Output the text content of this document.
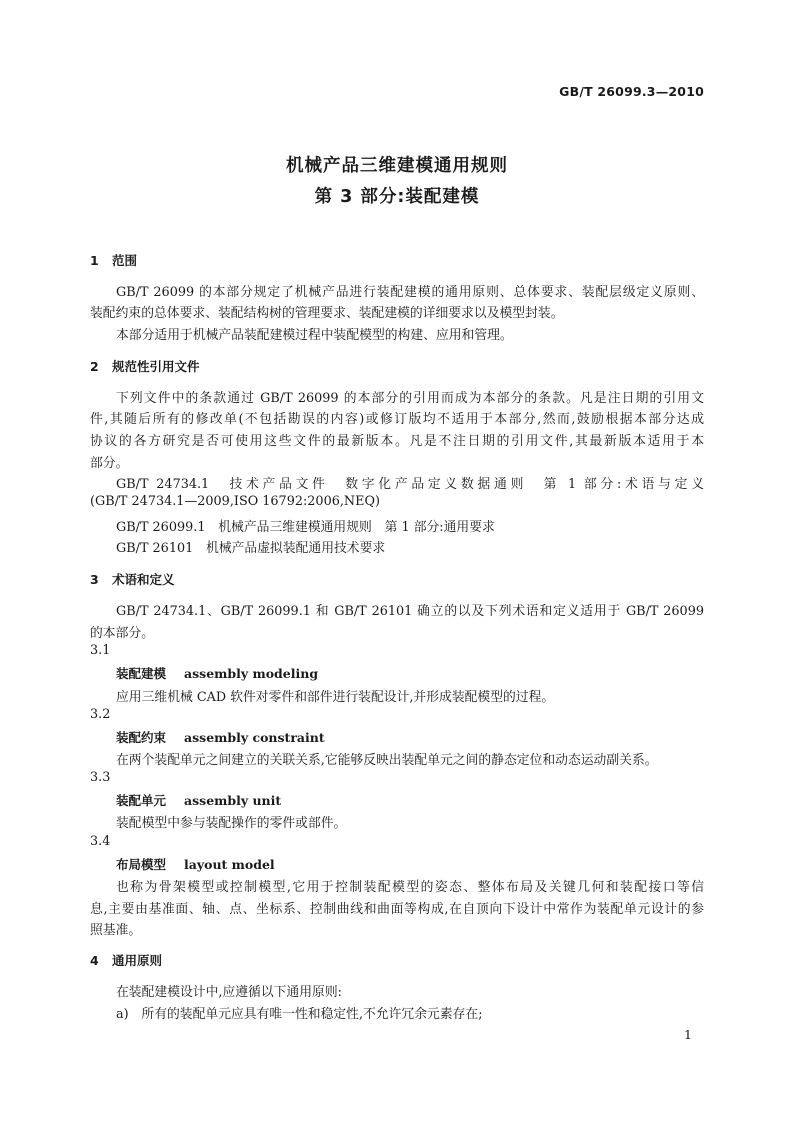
GB/T 26099.3—2010
机械产品三维建模通用规则
第 3 部分:装配建模
1 范围
GB/T 26099 的本部分规定了机械产品进行装配建模的通用原则、总体要求、装配层级定义原则、
装配约束的总体要求、装配结构树的管理要求、装配建模的详细要求以及模型封装。
本部分适用于机械产品装配建模过程中装配模型的构建、应用和管理。
2 规范性引用文件
下列文件中的条款通过 GB/T 26099 的本部分的引用而成为本部分的条款。凡是注日期的引用文
件,其随后所有的修改单(不包括勘误的内容)或修订版均不适用于本部分,然而,鼓励根据本部分达成
协议的各方研究是否可使用这些文件的最新版本。凡是不注日期的引用文件,其最新版本适用于本
部分。
GB/T 24734.1　技术产品文件　数字化产品定义数据通则　第 1 部分:术语与定义
(GB/T 24734.1—2009,ISO 16792:2006,NEQ)
GB/T 26099.1　机械产品三维建模通用规则　第 1 部分:通用要求
GB/T 26101　机械产品虚拟装配通用技术要求
3 术语和定义
GB/T 24734.1、GB/T 26099.1 和 GB/T 26101 确立的以及下列术语和定义适用于 GB/T 26099
的本部分。
3.1
装配建模 assembly modeling
应用三维机械 CAD 软件对零件和部件进行装配设计,并形成装配模型的过程。
3.2
装配约束 assembly constraint
在两个装配单元之间建立的关联关系,它能够反映出装配单元之间的静态定位和动态运动副关系。
3.3
装配单元 assembly unit
装配模型中参与装配操作的零件或部件。
3.4
布局模型 layout model
也称为骨架模型或控制模型,它用于控制装配模型的姿态、整体布局及关键几何和装配接口等信
息,主要由基准面、轴、点、坐标系、控制曲线和曲面等构成,在自顶向下设计中常作为装配单元设计的参
照基准。
4 通用原则
在装配建模设计中,应遵循以下通用原则:
a)　所有的装配单元应具有唯一性和稳定性,不允许冗余元素存在;
1
